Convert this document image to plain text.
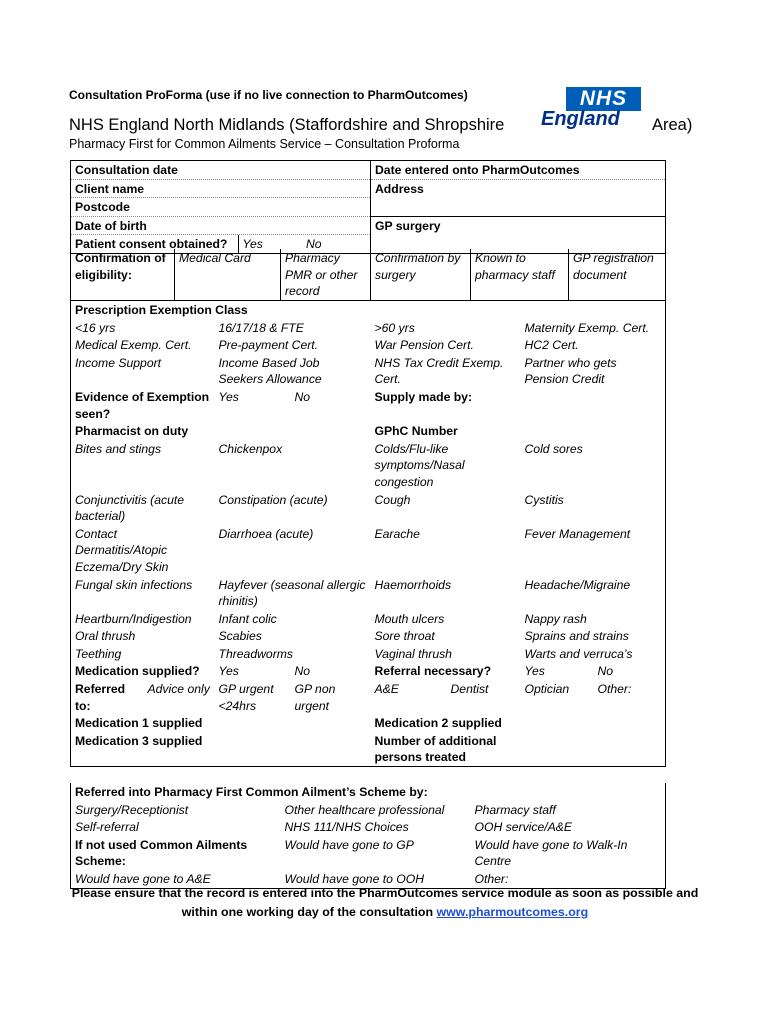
Consultation ProForma (use if no live connection to PharmOutcomes)	NHS
England
NHS England North Midlands (Staffordshire and Shropshire	Area)
Pharmacy First for Common Ailments Service – Consultation Proforma
Consultation date	Date entered onto PharmOutcomes
Client name	Address
Postcode
Date of birth	GP surgery

Patient consent obtained?	Yes	No
Confirmation of eligibility:	Medical Card	Pharmacy PMR or other record	Confirmation by surgery	Known to pharmacy staff	GP registration document
Prescription Exemption Class							
<16 yrs		16/17/18 & FTE		>60 yrs		Maternity Exemp. Cert.	
Medical Exemp. Cert.		Pre-payment Cert.		War Pension Cert.		HC2 Cert.	
Income Support		Income Based Job Seekers Allowance		NHS Tax Credit Exemp. Cert.		Partner who gets Pension Credit	
Evidence of Exemption seen?		Yes	No	Supply made by:			
Pharmacist on duty				GPhC Number			
Bites and stings		Chickenpox		Colds/Flu-like symptoms/Nasal congestion		Cold sores	
Conjunctivitis (acute bacterial)		Constipation (acute)		Cough		Cystitis	
Contact Dermatitis/Atopic Eczema/Dry Skin		Diarrhoea (acute)		Earache		Fever Management	
Fungal skin infections		Hayfever (seasonal allergic rhinitis)		Haemorrhoids		Headache/Migraine	
Heartburn/Indigestion		Infant colic		Mouth ulcers		Nappy rash	
Oral thrush		Scabies		Sore throat		Sprains and strains	
Teething		Threadworms		Vaginal thrush		Warts and verruca’s	
Medication supplied?		Yes	No	Referral necessary?		Yes	No
Referred to:	Advice only	GP urgent <24hrs	GP non urgent	A&E	Dentist	Optician	Other:
Medication 1 supplied				Medication 2 supplied			
Medication 3 supplied				Number of additional persons treated			
Referred into Pharmacy First Common Ailment’s Scheme by:		
Surgery/Receptionist	Other healthcare professional	Pharmacy staff
Self-referral	NHS 111/NHS Choices	OOH service/A&E
If not used Common Ailments Scheme:	Would have gone to GP	Would have gone to Walk-In Centre
Would have gone to A&E	Would have gone to OOH	Other:
Please ensure that the record is entered into the PharmOutcomes service module as soon as possible and
within one working day of the consultation www.pharmoutcomes.org
